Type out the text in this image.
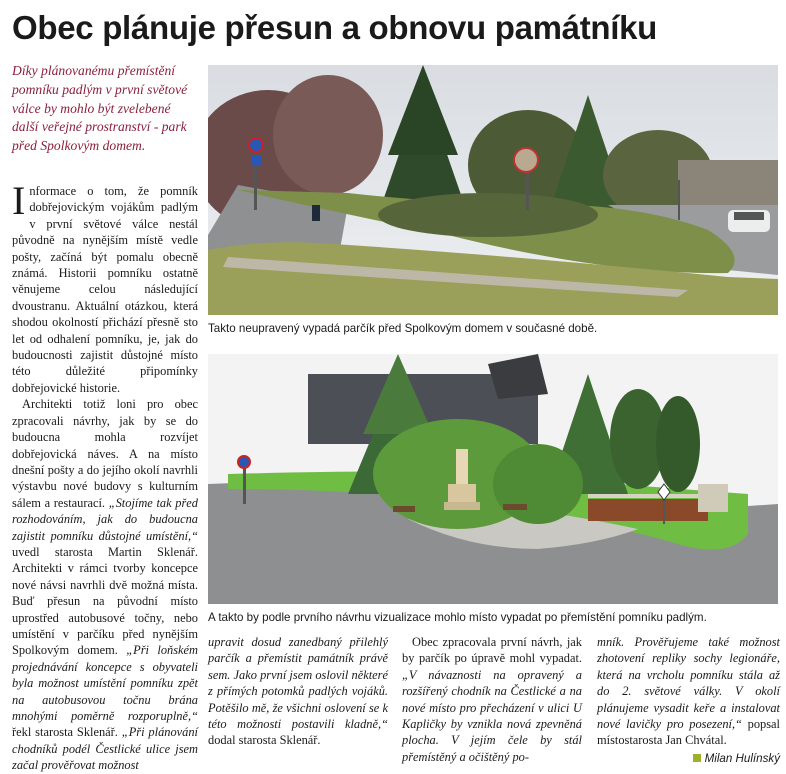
Obec plánuje přesun a obnovu památníku
Díky plánovanému přemístění pomníku padlým v první světové válce by mohlo být zvelebené další veřejné prostranství - park před Spolkovým domem.

Informace o tom, že pomník dobřejovickým vojákům padlým v první světové válce nestál původně na nynějším místě vedle pošty, začíná být pomalu obecně známá. Historii pomníku ostatně věnujeme celou následující dvoustranu. Aktuální otázkou, která shodou okolností přichází přesně sto let od odhalení pomníku, je, jak do budoucnosti zajistit důstojné místo této důležité připomínky dobřejovické historie.

Architekti totiž loni pro obec zpracovali návrhy, jak by se do budoucna mohla rozvíjet dobřejovická náves. A na místo dnešní pošty a do jejího okolí navrhli výstavbu nové budovy s kulturním sálem a restaurací. „Stojíme tak před rozhodováním, jak do budoucna zajistit pomníku důstojné umístění,“ uvedl starosta Martin Sklenář. Architekti v rámci tvorby koncepce nové návsi navrhli dvě možná místa. Buď přesun na původní místo uprostřed autobusové točny, nebo umístění v parčíku před nynějším Spolkovým domem. „Při loňském projednávání koncepce s obyvateli byla možnost umístění pomníku zpět na autobusovou točnu brána mnohými poměrně rozporuplně,“ řekl starosta Sklenář. „Při plánování chodníků podél Čestlické ulice jsem začal prověřovat možnost

Takto neupravený vypadá parčík před Spolkovým domem v současné době.
A takto by podle prvního návrhu vizualizace mohlo místo vypadat po přemístění pomníku padlým.

upravit dosud zanedbaný přilehlý parčík a přemístit památník právě sem. Jako první jsem oslovil některé z přímých potomků padlých vojáků. Potěšilo mě, že všichni oslovení se k této možnosti postavili kladně,“ dodal starosta Sklenář.

Obec zpracovala první návrh, jak by parčík po úpravě mohl vypadat. „V návaznosti na opravený a rozšířený chodník na Čestlické a na nové místo pro přecházení v ulici U Kapličky by vznikla nová zpevněná plocha. V jejím čele by stál přemístěný a očištěný po-

mník. Prověřujeme také možnost zhotovení repliky sochy legionáře, která na vrcholu pomníku stála až do 2. světové války. V okolí plánujeme vysadit keře a instalovat nové lavičky pro posezení,“ popsal místostarosta Jan Chvátal.

Milan Hulínský
